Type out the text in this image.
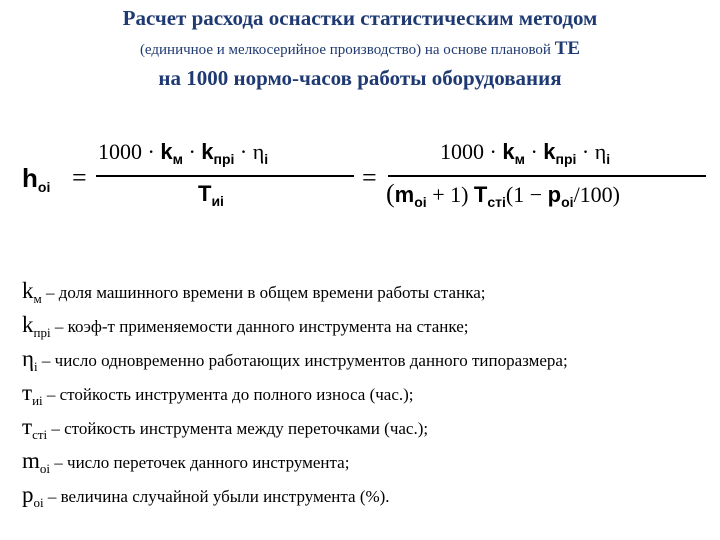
Расчет расхода оснастки статистическим методом
(единичное и мелкосерийное производство) на основе плановой ТЕ
на 1000 нормо-часов работы оборудования
hoi =
$1000 \cdot k_м \cdot k_{прі} \cdot \eta_i$
$T_{иi}$
=
$1000 \cdot k_м \cdot k_{прі} \cdot \eta_i$
$(m_{oi} + 1) T_{стi}(1 - p_{oi}/100)$
$k_м$ – доля машинного времени в общем времени работы станка;
$k_{прі}$ – коэф-т применяемости данного инструмента на станке;
$\eta_i$ – число одновременно работающих инструментов данного типоразмера;
$т_{иi}$ – стойкость инструмента до полного износа (час.);
$т_{стi}$ – стойкость инструмента между переточками (час.);
$m_{oi}$ – число переточек данного инструмента;
$p_{oi}$ – величина случайной убыли инструмента (%).
